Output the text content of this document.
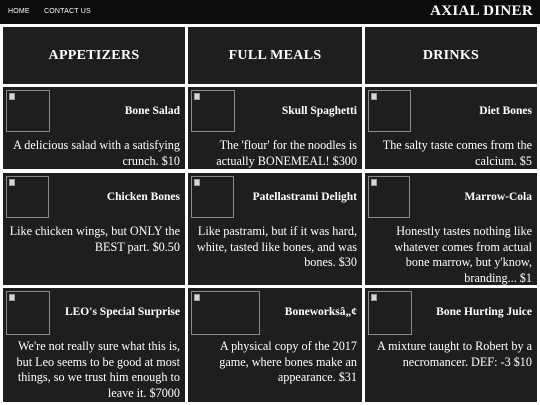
HOME CONTACT US	AXIAL DINER
APPETIZERS	FULL MEALS	DRINKS
Bone Salad
A delicious salad with a satisfying crunch. $10
Skull Spaghetti
The 'flour' for the noodles is actually BONEMEAL! $300
Diet Bones
The salty taste comes from the calcium. $5
Chicken Bones
Like chicken wings, but ONLY the BEST part. $0.50
Patellastrami Delight
Like pastrami, but if it was hard, white, tasted like bones, and was bones. $30
Marrow-Cola
Honestly tastes nothing like whatever comes from actual bone marrow, but y'know, branding... $1
LEO's Special Surprise
We're not really sure what this is, but Leo seems to be good at most things, so we trust him enough to leave it. $7000
Boneworksâ„¢
A physical copy of the 2017 game, where bones make an appearance. $31
Bone Hurting Juice
A mixture taught to Robert by a necromancer. DEF: -3 $10
